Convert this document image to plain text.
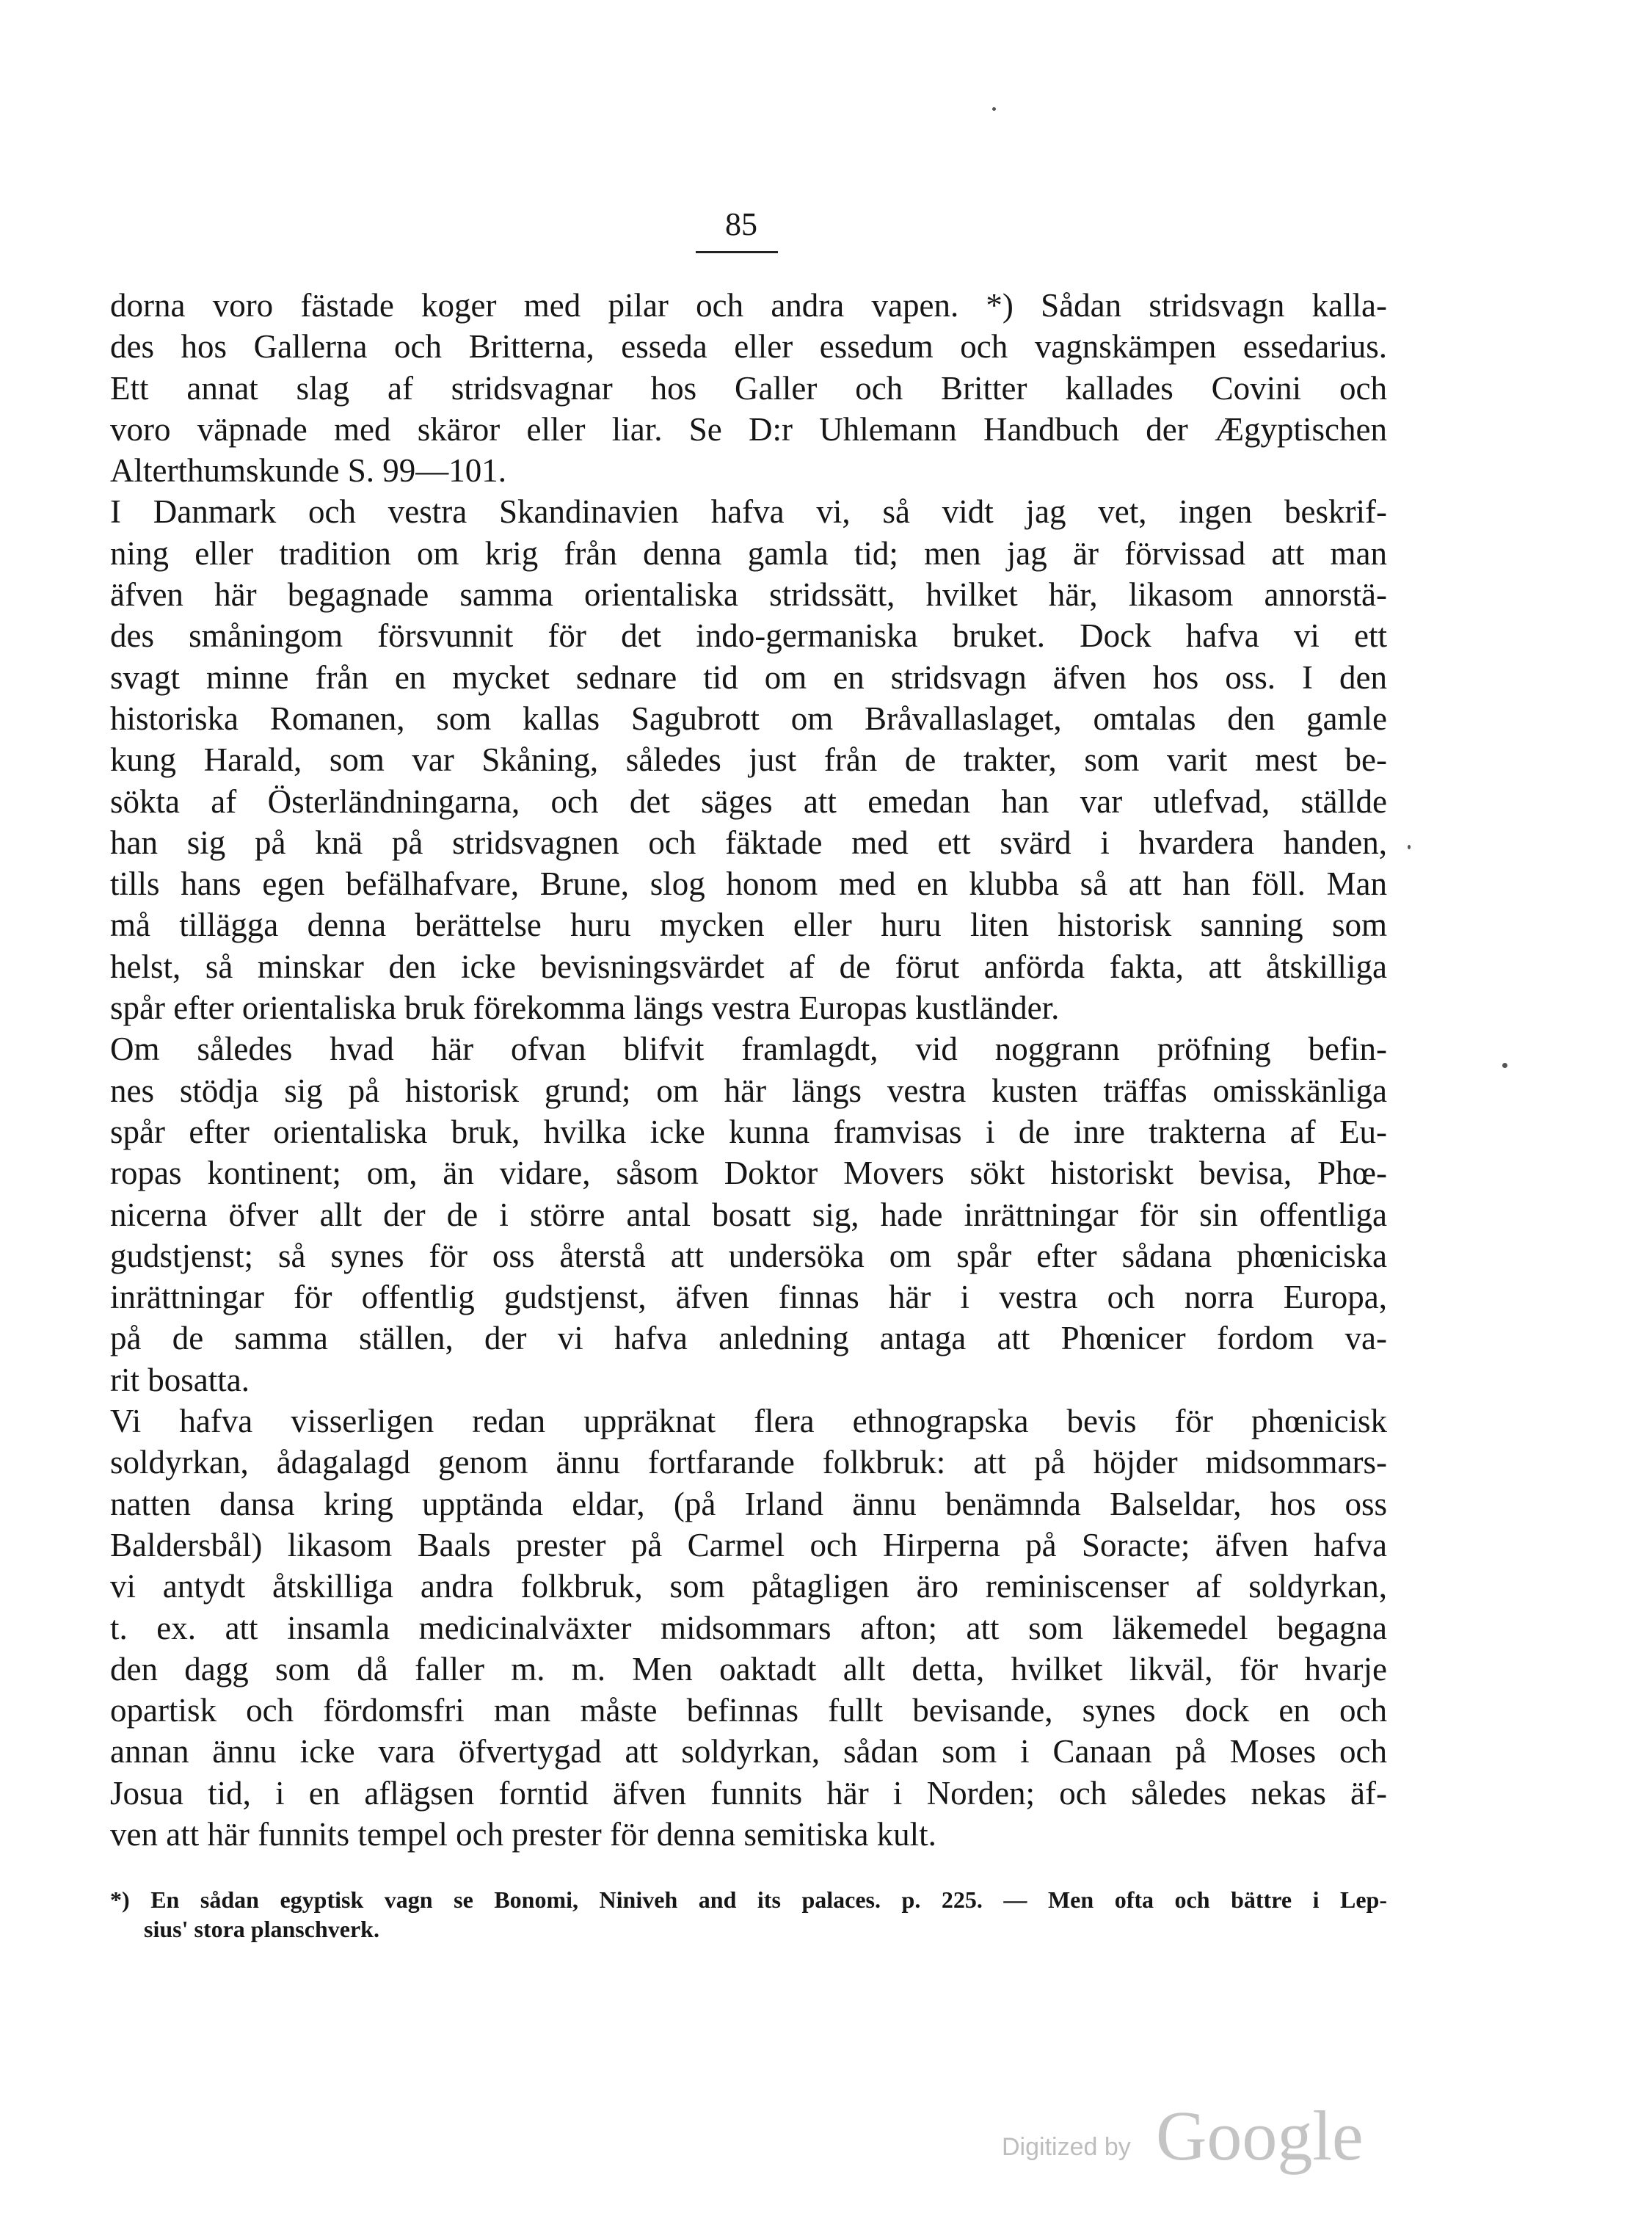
85
dorna voro fästade koger med pilar och andra vapen. *) Sådan stridsvagn kalla-
des hos Gallerna och Britterna, esseda eller essedum och vagnskämpen essedarius.
Ett annat slag af stridsvagnar hos Galler och Britter kallades Covini och
voro väpnade med skäror eller liar. Se D:r Uhlemann Handbuch der Ægyptischen
Alterthumskunde S. 99—101.
I Danmark och vestra Skandinavien hafva vi, så vidt jag vet, ingen beskrif-
ning eller tradition om krig från denna gamla tid; men jag är förvissad att man
äfven här begagnade samma orientaliska stridssätt, hvilket här, likasom annorstä-
des småningom försvunnit för det indo-germaniska bruket. Dock hafva vi ett
svagt minne från en mycket sednare tid om en stridsvagn äfven hos oss. I den
historiska Romanen, som kallas Sagubrott om Bråvallaslaget, omtalas den gamle
kung Harald, som var Skåning, således just från de trakter, som varit mest be-
sökta af Österländningarna, och det säges att emedan han var utlefvad, ställde
han sig på knä på stridsvagnen och fäktade med ett svärd i hvardera handen,
tills hans egen befälhafvare, Brune, slog honom med en klubba så att han föll. Man
må tillägga denna berättelse huru mycken eller huru liten historisk sanning som
helst, så minskar den icke bevisningsvärdet af de förut anförda fakta, att åtskilliga
spår efter orientaliska bruk förekomma längs vestra Europas kustländer.
Om således hvad här ofvan blifvit framlagdt, vid noggrann pröfning befin-
nes stödja sig på historisk grund; om här längs vestra kusten träffas omisskänliga
spår efter orientaliska bruk, hvilka icke kunna framvisas i de inre trakterna af Eu-
ropas kontinent; om, än vidare, såsom Doktor Movers sökt historiskt bevisa, Phœ-
nicerna öfver allt der de i större antal bosatt sig, hade inrättningar för sin offentliga
gudstjenst; så synes för oss återstå att undersöka om spår efter sådana phœniciska
inrättningar för offentlig gudstjenst, äfven finnas här i vestra och norra Europa,
på de samma ställen, der vi hafva anledning antaga att Phœnicer fordom va-
rit bosatta.
Vi hafva visserligen redan uppräknat flera ethnograpska bevis för phœnicisk
soldyrkan, ådagalagd genom ännu fortfarande folkbruk: att på höjder midsommars-
natten dansa kring upptända eldar, (på Irland ännu benämnda Balseldar, hos oss
Baldersbål) likasom Baals prester på Carmel och Hirperna på Soracte; äfven hafva
vi antydt åtskilliga andra folkbruk, som påtagligen äro reminiscenser af soldyrkan,
t. ex. att insamla medicinalväxter midsommars afton; att som läkemedel begagna
den dagg som då faller m. m. Men oaktadt allt detta, hvilket likväl, för hvarje
opartisk och fördomsfri man måste befinnas fullt bevisande, synes dock en och
annan ännu icke vara öfvertygad att soldyrkan, sådan som i Canaan på Moses och
Josua tid, i en aflägsen forntid äfven funnits här i Norden; och således nekas äf-
ven att här funnits tempel och prester för denna semitiska kult.
*) En sådan egyptisk vagn se Bonomi, Niniveh and its palaces. p. 225. — Men ofta och bättre i Lep-
sius' stora planschverk.
Digitized by Google
